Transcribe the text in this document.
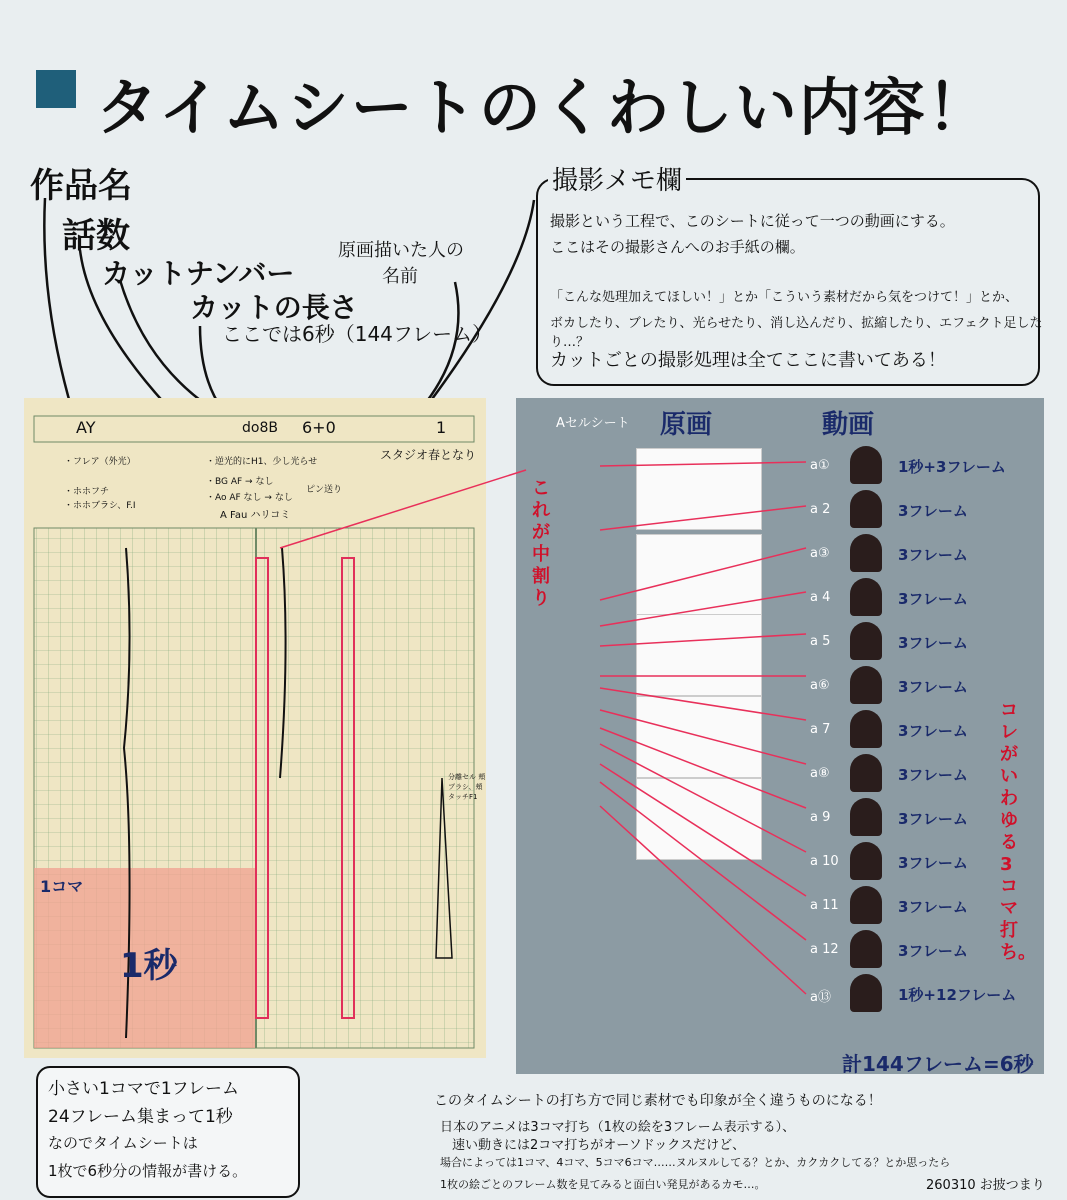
タイムシートのくわしい内容！
作品名
話数
カットナンバー
カットの長さ
ここでは6秒（144フレーム）
原画描いた人の
名前
撮影メモ欄
撮影という工程で、このシートに従って一つの動画にする。
ここはその撮影さんへのお手紙の欄。
「こんな処理加えてほしい！」とか「こういう素材だから気をつけて！」とか、
ボカしたり、ブレたり、光らせたり、消し込んだり、拡縮したり、エフェクト足したり…？
カットごとの撮影処理は全てここに書いてある！
AY	do8B 6+0	1
スタジオ春となり
・フレア（外光）
・ホホフチ
・ホホブラシ、F.I
・逆光的にH1、少し光らせ
・BG AF → なし
・Ao AF なし → なし
ピン送り
A Fau ハリコミ
分離セル 頬ブラシ、頬タッチF1
1コマ
1秒
Aセルシート 原画	動画
これが中割り
コレがいわゆる3コマ打ち。
a①	1秒+3フレーム
a 2	3フレーム
a③	3フレーム
a 4	3フレーム
a 5	3フレーム
a⑥	3フレーム
a 7	3フレーム
a⑧	3フレーム
a 9	3フレーム
a 10	3フレーム
a 11	3フレーム
a 12	3フレーム
a⑬	1秒+12フレーム
計144フレーム=6秒
小さい1コマで1フレーム
24フレーム集まって1秒
なのでタイムシートは
1枚で6秒分の情報が書ける。
このタイムシートの打ち方で同じ素材でも印象が全く違うものになる！
日本のアニメは3コマ打ち（1枚の絵を3フレーム表示する）、
速い動きには2コマ打ちがオーソドックスだけど、
場合によっては1コマ、4コマ、5コマ6コマ……ヌルヌルしてる？とか、カクカクしてる？とか思ったら
1枚の絵ごとのフレーム数を見てみると面白い発見があるカモ…。	260310 お披つまり
